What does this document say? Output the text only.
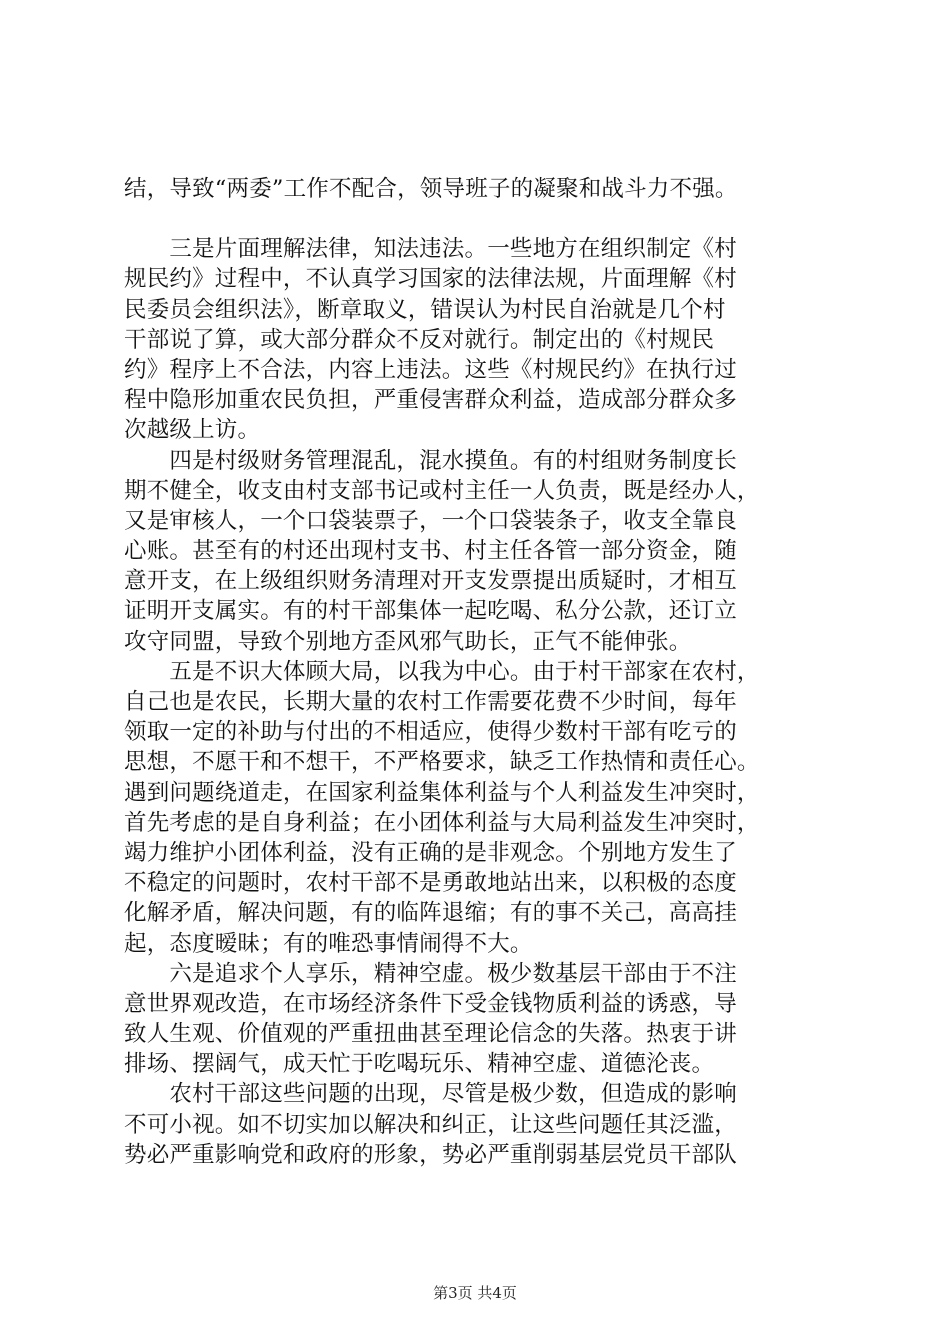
结，导致“两委”工作不配合，领导班子的凝聚和战斗力不强。
　　三是片面理解法律，知法违法。一些地方在组织制定《村
规民约》过程中，不认真学习国家的法律法规，片面理解《村
民委员会组织法》，断章取义，错误认为村民自治就是几个村
干部说了算，或大部分群众不反对就行。制定出的《村规民
约》程序上不合法，内容上违法。这些《村规民约》在执行过
程中隐形加重农民负担，严重侵害群众利益，造成部分群众多
次越级上访。
　　四是村级财务管理混乱，混水摸鱼。有的村组财务制度长
期不健全，收支由村支部书记或村主任一人负责，既是经办人，
又是审核人，一个口袋装票子，一个口袋装条子，收支全靠良
心账。甚至有的村还出现村支书、村主任各管一部分资金，随
意开支，在上级组织财务清理对开支发票提出质疑时，才相互
证明开支属实。有的村干部集体一起吃喝、私分公款，还订立
攻守同盟，导致个别地方歪风邪气助长，正气不能伸张。
　　五是不识大体顾大局，以我为中心。由于村干部家在农村，
自己也是农民，长期大量的农村工作需要花费不少时间，每年
领取一定的补助与付出的不相适应，使得少数村干部有吃亏的
思想，不愿干和不想干，不严格要求，缺乏工作热情和责任心。
遇到问题绕道走，在国家利益集体利益与个人利益发生冲突时，
首先考虑的是自身利益；在小团体利益与大局利益发生冲突时，
竭力维护小团体利益，没有正确的是非观念。个别地方发生了
不稳定的问题时，农村干部不是勇敢地站出来，以积极的态度
化解矛盾，解决问题，有的临阵退缩；有的事不关己，高高挂
起，态度暧昧；有的唯恐事情闹得不大。
　　六是追求个人享乐，精神空虚。极少数基层干部由于不注
意世界观改造，在市场经济条件下受金钱物质利益的诱惑，导
致人生观、价值观的严重扭曲甚至理论信念的失落。热衷于讲
排场、摆阔气，成天忙于吃喝玩乐、精神空虚、道德沦丧。
　　农村干部这些问题的出现，尽管是极少数，但造成的影响
不可小视。如不切实加以解决和纠正，让这些问题任其泛滥，
势必严重影响党和政府的形象，势必严重削弱基层党员干部队
第3页 共4页
